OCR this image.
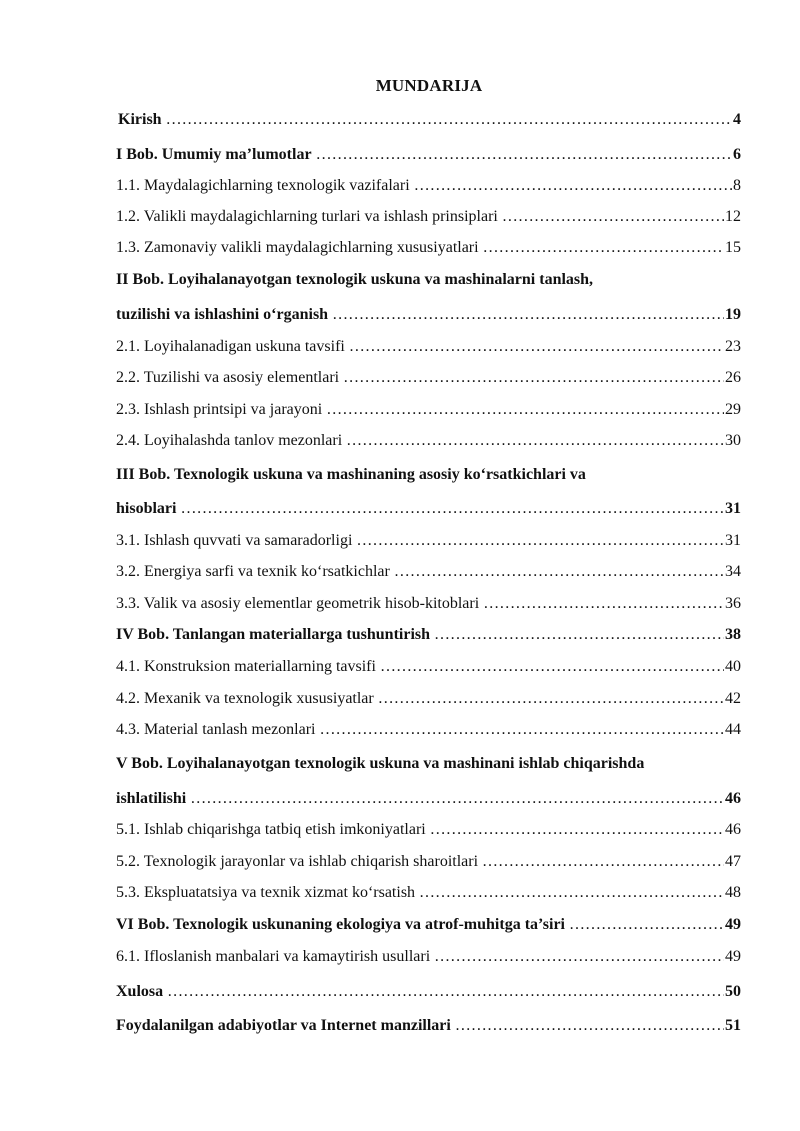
MUNDARIJA
Kirish ………………………………………………………………………………………………………………………………………………………………	4
I Bob. Umumiy ma’lumotlar ………………………………………………………………………………………………………………………………………………………………	6
1.1. Maydalagichlarning texnologik vazifalari ………………………………………………………………………………………………………………………………………………………………	8
1.2. Valikli maydalagichlarning turlari va ishlash prinsiplari ………………………………………………………………………………………………………………………………………………………………	12
1.3. Zamonaviy valikli maydalagichlarning xususiyatlari ………………………………………………………………………………………………………………………………………………………………	15
II Bob. Loyihalanayotgan texnologik uskuna va mashinalarni tanlash,
tuzilishi va ishlashini o‘rganish ………………………………………………………………………………………………………………………………………………………………	19
2.1. Loyihalanadigan uskuna tavsifi ………………………………………………………………………………………………………………………………………………………………	23
2.2. Tuzilishi va asosiy elementlari ………………………………………………………………………………………………………………………………………………………………	26
2.3. Ishlash printsipi va jarayoni ………………………………………………………………………………………………………………………………………………………………	29
2.4. Loyihalashda tanlov mezonlari ………………………………………………………………………………………………………………………………………………………………	30
III Bob. Texnologik uskuna va mashinaning asosiy ko‘rsatkichlari va
hisoblari ………………………………………………………………………………………………………………………………………………………………	31
3.1. Ishlash quvvati va samaradorligi ………………………………………………………………………………………………………………………………………………………………	31
3.2. Energiya sarfi va texnik ko‘rsatkichlar ………………………………………………………………………………………………………………………………………………………………	34
3.3. Valik va asosiy elementlar geometrik hisob-kitoblari ………………………………………………………………………………………………………………………………………………………………	36
IV Bob. Tanlangan materiallarga tushuntirish ………………………………………………………………………………………………………………………………………………………………	38
4.1. Konstruksion materiallarning tavsifi ………………………………………………………………………………………………………………………………………………………………	40
4.2. Mexanik va texnologik xususiyatlar ………………………………………………………………………………………………………………………………………………………………	42
4.3. Material tanlash mezonlari ………………………………………………………………………………………………………………………………………………………………	44
V Bob. Loyihalanayotgan texnologik uskuna va mashinani ishlab chiqarishda
ishlatilishi ………………………………………………………………………………………………………………………………………………………………	46
5.1. Ishlab chiqarishga tatbiq etish imkoniyatlari ………………………………………………………………………………………………………………………………………………………………	46
5.2. Texnologik jarayonlar va ishlab chiqarish sharoitlari ………………………………………………………………………………………………………………………………………………………………	47
5.3. Ekspluatatsiya va texnik xizmat ko‘rsatish ………………………………………………………………………………………………………………………………………………………………	48
VI Bob. Texnologik uskunaning ekologiya va atrof-muhitga ta’siri ………………………………………………………………………………………………………………………………………………………………	49
6.1. Ifloslanish manbalari va kamaytirish usullari ………………………………………………………………………………………………………………………………………………………………	49
Xulosa ………………………………………………………………………………………………………………………………………………………………	50
Foydalanilgan adabiyotlar va Internet manzillari ………………………………………………………………………………………………………………………………………………………………	51
